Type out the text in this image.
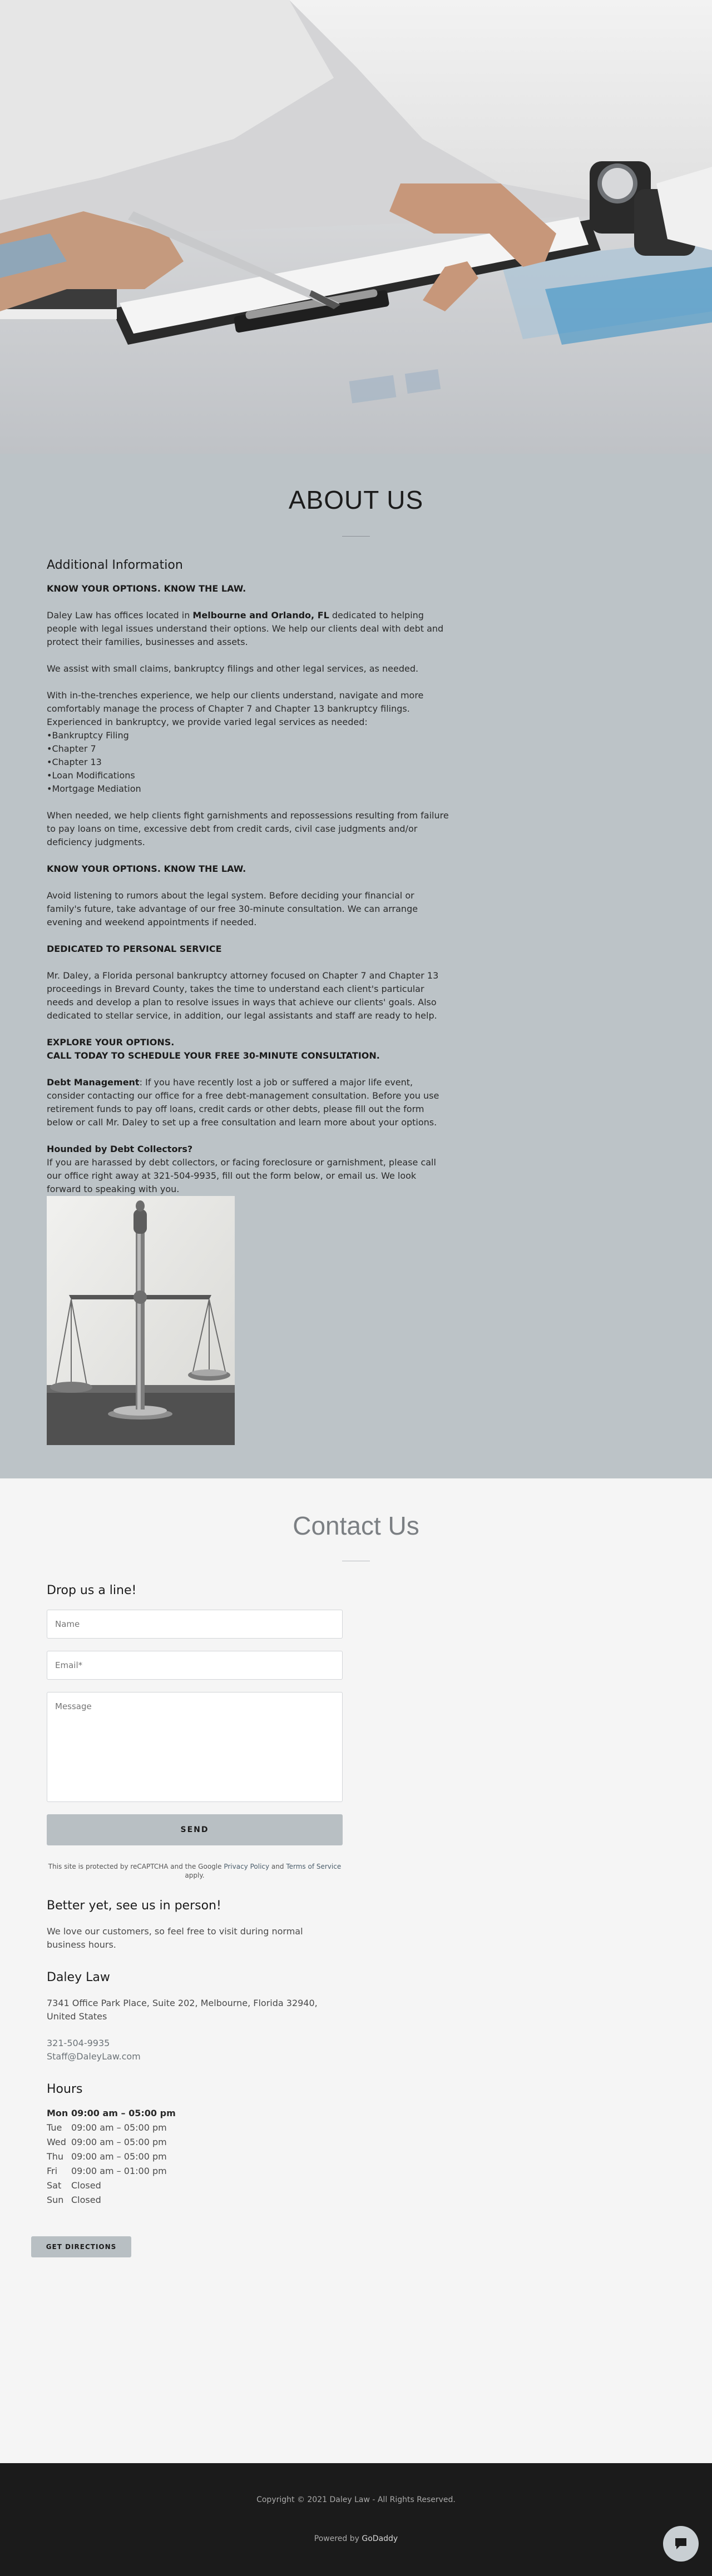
ABOUT US
Additional Information

KNOW YOUR OPTIONS. KNOW THE LAW.

Daley Law has offices located in Melbourne and Orlando, FL dedicated to helping people with legal issues understand their options. We help our clients deal with debt and protect their families, businesses and assets.

We assist with small claims, bankruptcy filings and other legal services, as needed.

With in-the-trenches experience, we help our clients understand, navigate and more comfortably manage the process of Chapter 7 and Chapter 13 bankruptcy filings. Experienced in bankruptcy, we provide varied legal services as needed:
•Bankruptcy Filing
•Chapter 7
•Chapter 13
•Loan Modifications
•Mortgage Mediation

When needed, we help clients fight garnishments and repossessions resulting from failure to pay loans on time, excessive debt from credit cards, civil case judgments and/or deficiency judgments.

KNOW YOUR OPTIONS. KNOW THE LAW.

Avoid listening to rumors about the legal system. Before deciding your financial or family's future, take advantage of our free 30-minute consultation. We can arrange evening and weekend appointments if needed.

DEDICATED TO PERSONAL SERVICE

Mr. Daley, a Florida personal bankruptcy attorney focused on Chapter 7 and Chapter 13 proceedings in Brevard County, takes the time to understand each client's particular needs and develop a plan to resolve issues in ways that achieve our clients' goals. Also dedicated to stellar service, in addition, our legal assistants and staff are ready to help.

EXPLORE YOUR OPTIONS.
CALL TODAY TO SCHEDULE YOUR FREE 30-MINUTE CONSULTATION.

Debt Management: If you have recently lost a job or suffered a major life event, consider contacting our office for a free debt-management consultation. Before you use retirement funds to pay off loans, credit cards or other debts, please fill out the form below or call Mr. Daley to set up a free consultation and learn more about your options.

Hounded by Debt Collectors?
If you are harassed by debt collectors, or facing foreclosure or garnishment, please call our office right away at 321-504-9935, fill out the form below, or email us. We look forward to speaking with you.

Contact Us
Drop us a line!
Name
Email*
Message
SEND
This site is protected by reCAPTCHA and the Google Privacy Policy and Terms of Service
apply.
Better yet, see us in person!

We love our customers, so feel free to visit during normal business hours.

Daley Law

7341 Office Park Place, Suite 202, Melbourne, Florida 32940, United States

321-504-9935

Staff@DaleyLaw.com

Hours
Mon 09:00 am – 05:00 pm
Tue	09:00 am – 05:00 pm
Wed 09:00 am – 05:00 pm
Thu 09:00 am – 05:00 pm
Fri	09:00 am – 01:00 pm
Sat	Closed
Sun Closed
GET DIRECTIONS
Copyright © 2021 Daley Law - All Rights Reserved.
Powered by GoDaddy
